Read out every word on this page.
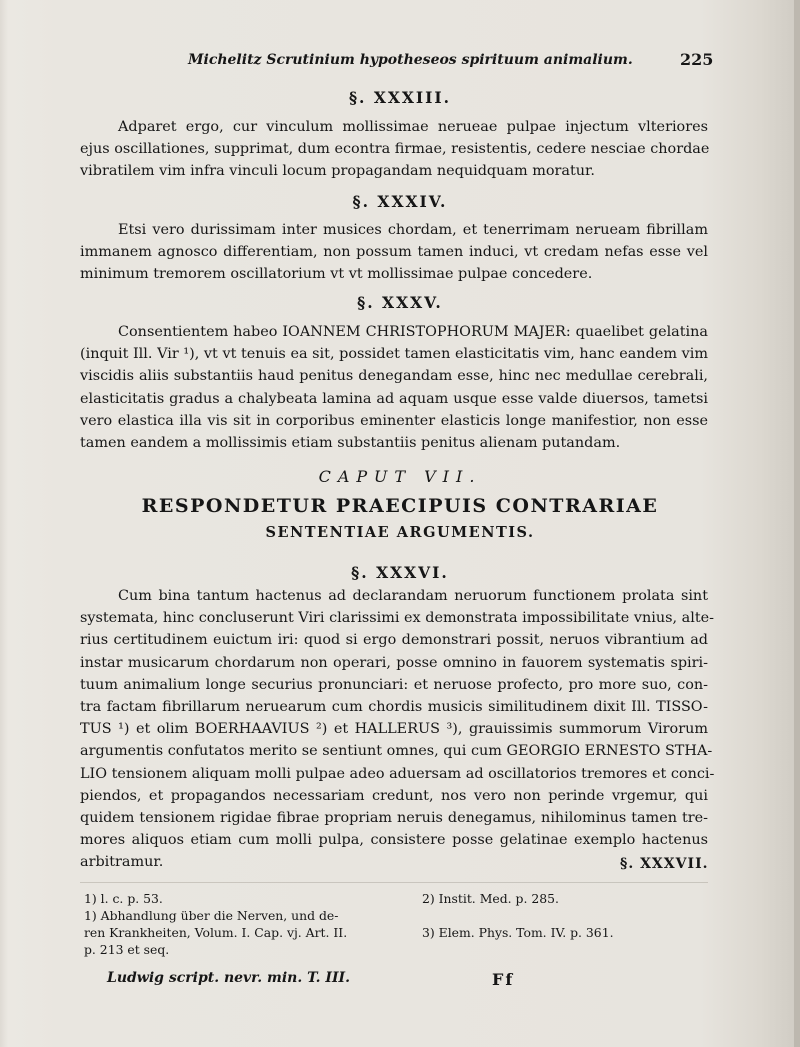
Michelitz Scrutinium hypotheseos spirituum animalium.	225
§. XXXIII.
Adparet ergo, cur vinculum mollissimae neruеae pulpae injectum vlteriores
ejus oscillationes, supprimat, dum econtra firmae, resistentis, cedere nesciae chordae
vibratilem vim infra vinculi locum propagandam nequidquam moratur.
§. XXXIV.
Etsi vero durissimam inter musices chordam, et tenerrimam neruеam fibrillam
immanem agnosco differentiam, non possum tamen induci, vt credam nefas esse vel
minimum tremorem oscillatorium vt vt mollissimae pulpae concedere.
§. XXXV.
Consentientem habeo IOANNEM CHRISTOPHORUM MAJER: quaelibet gelatina
(inquit Ill. Vir ¹), vt vt tenuis ea sit, possidet tamen elasticitatis vim, hanc eandem vim
viscidis aliis substantiis haud penitus denegandam esse, hinc nec medullae cerebrali,
elasticitatis gradus a chalybeata lamina ad aquam usque esse valde diuersos, tametsi
vero elastica illa vis sit in corporibus eminenter elasticis longe manifestior, non esse
tamen eandem a mollissimis etiam substantiis penitus alienam putandam.
CAPUT VII.
RESPONDETUR PRAECIPUIS CONTRARIAE
SENTENTIAE ARGUMENTIS.
§. XXXVI.
Cum bina tantum hactenus ad declarandam neruorum functionem prolata sint
systemata, hinc concluserunt Viri clarissimi ex demonstrata impossibilitate vnius, alte-
rius certitudinem euictum iri: quod si ergo demonstrari possit, neruos vibrantium ad
instar musicarum chordarum non operari, posse omnino in fauorem systematis spiri-
tuum animalium longe securius pronunciari: et neruose profecto, pro more suo, con-
tra factam fibrillarum neruearum cum chordis musicis similitudinem dixit Ill. TISSO-
TUS ¹) et olim BOERHAAVIUS ²) et HALLERUS ³), grauissimis summorum Virorum
argumentis confutatos merito se sentiunt omnes, qui cum GEORGIO ERNESTO STHA-
LIO tensionem aliquam molli pulpae adeo aduersam ad oscillatorios tremores et conci-
piendos, et propagandos necessariam credunt, nos vero non perinde vrgemur, qui
quidem tensionem rigidae fibrae propriam neruis denegamus, nihilominus tamen tre-
mores aliquos etiam cum molli pulpa, consistere posse gelatinae exemplo hactenus
arbitramur.	§. XXXVII.
1) l. c. p. 53.
1) Abhandlung über die Nerven, und de-
ren Krankheiten, Volum. I. Cap. vj. Art. II.
p. 213 et seq.
2) Instit. Med. p. 285.
3) Elem. Phys. Tom. IV. p. 361.
Ludwig script. nevr. min. T. III.	Ff
